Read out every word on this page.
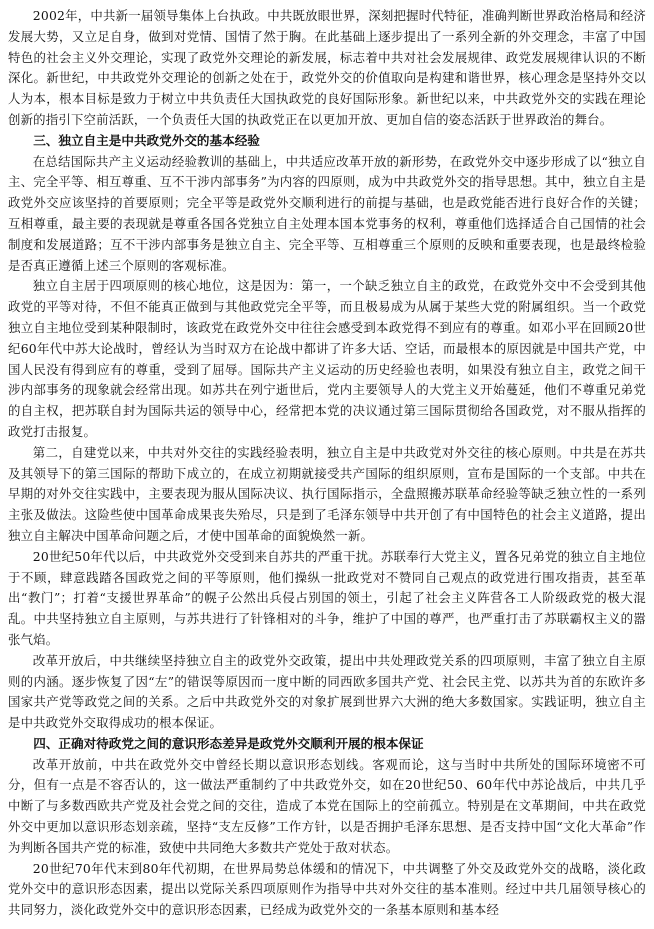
2002年，中共新一届领导集体上台执政。中共既放眼世界，深刻把握时代特征，准确判断世界政治格局和经济发展大势，又立足自身，做到对党情、国情了然于胸。在此基础上逐步提出了一系列全新的外交理念，丰富了中国特色的社会主义外交理论，实现了政党外交理论的新发展，标志着中共对社会发展规律、政党发展规律认识的不断深化。新世纪，中共政党外交理论的创新之处在于，政党外交的价值取向是构建和谐世界，核心理念是坚持外交以人为本，根本目标是致力于树立中共负责任大国执政党的良好国际形象。新世纪以来，中共政党外交的实践在理论创新的指引下空前活跃，一个负责任大国的执政党正在以更加开放、更加自信的姿态活跃于世界政治的舞台。

三、独立自主是中共政党外交的基本经验

在总结国际共产主义运动经验教训的基础上，中共适应改革开放的新形势，在政党外交中逐步形成了以“独立自主、完全平等、相互尊重、互不干涉内部事务”为内容的四原则，成为中共政党外交的指导思想。其中，独立自主是政党外交应该坚持的首要原则；完全平等是政党外交顺利进行的前提与基础，也是政党能否进行良好合作的关键；互相尊重，最主要的表现就是尊重各国各党独立自主处理本国本党事务的权利，尊重他们选择适合自己国情的社会制度和发展道路；互不干涉内部事务是独立自主、完全平等、互相尊重三个原则的反映和重要表现，也是最终检验是否真正遵循上述三个原则的客观标准。

独立自主居于四项原则的核心地位，这是因为：第一，一个缺乏独立自主的政党，在政党外交中不会受到其他政党的平等对待，不但不能真正做到与其他政党完全平等，而且极易成为从属于某些大党的附属组织。当一个政党独立自主地位受到某种限制时，该政党在政党外交中往往会感受到本政党得不到应有的尊重。如邓小平在回顾20世纪60年代中苏大论战时，曾经认为当时双方在论战中都讲了许多大话、空话，而最根本的原因就是中国共产党，中国人民没有得到应有的尊重，受到了屈辱。国际共产主义运动的历史经验也表明，如果没有独立自主，政党之间干涉内部事务的现象就会经常出现。如苏共在列宁逝世后，党内主要领导人的大党主义开始蔓延，他们不尊重兄弟党的自主权，把苏联自封为国际共运的领导中心，经常把本党的决议通过第三国际贯彻给各国政党，对不服从指挥的政党打击报复。

第二，自建党以来，中共对外交往的实践经验表明，独立自主是中共政党对外交往的核心原则。中共是在苏共及其领导下的第三国际的帮助下成立的，在成立初期就接受共产国际的组织原则，宣布是国际的一个支部。中共在早期的对外交往实践中，主要表现为服从国际决议、执行国际指示，全盘照搬苏联革命经验等缺乏独立性的一系列主张及做法。这险些使中国革命成果丧失殆尽，只是到了毛泽东领导中共开创了有中国特色的社会主义道路，提出独立自主解决中国革命问题之后，才使中国革命的面貌焕然一新。

20世纪50年代以后，中共政党外交受到来自苏共的严重干扰。苏联奉行大党主义，置各兄弟党的独立自主地位于不顾，肆意践踏各国政党之间的平等原则，他们操纵一批政党对不赞同自己观点的政党进行围攻指责，甚至革出“教门”；打着“支援世界革命”的幌子公然出兵侵占别国的领土，引起了社会主义阵营各工人阶级政党的极大混乱。中共坚持独立自主原则，与苏共进行了针锋相对的斗争，维护了中国的尊严，也严重打击了苏联霸权主义的嚣张气焰。

改革开放后，中共继续坚持独立自主的政党外交政策，提出中共处理政党关系的四项原则，丰富了独立自主原则的内涵。逐步恢复了因“左”的错误等原因而一度中断的同西欧多国共产党、社会民主党、以苏共为首的东欧许多国家共产党等政党之间的关系。之后中共政党外交的对象扩展到世界六大洲的绝大多数国家。实践证明，独立自主是中共政党外交取得成功的根本保证。

四、正确对待政党之间的意识形态差异是政党外交顺利开展的根本保证

改革开放前，中共在政党外交中曾经长期以意识形态划线。客观而论，这与当时中共所处的国际环境密不可分，但有一点是不容否认的，这一做法严重制约了中共政党外交，如在20世纪50、60年代中苏论战后，中共几乎中断了与多数西欧共产党及社会党之间的交往，造成了本党在国际上的空前孤立。特别是在文革期间，中共在政党外交中更加以意识形态划亲疏，坚持“支左反修”工作方针，以是否拥护毛泽东思想、是否支持中国“文化大革命”作为判断各国共产党的标准，致使中共同绝大多数共产党处于敌对状态。

20世纪70年代末到80年代初期，在世界局势总体缓和的情况下，中共调整了外交及政党外交的战略，淡化政党外交中的意识形态因素，提出以党际关系四项原则作为指导中共对外交往的基本准则。经过中共几届领导核心的共同努力，淡化政党外交中的意识形态因素，已经成为政党外交的一条基本原则和基本经
